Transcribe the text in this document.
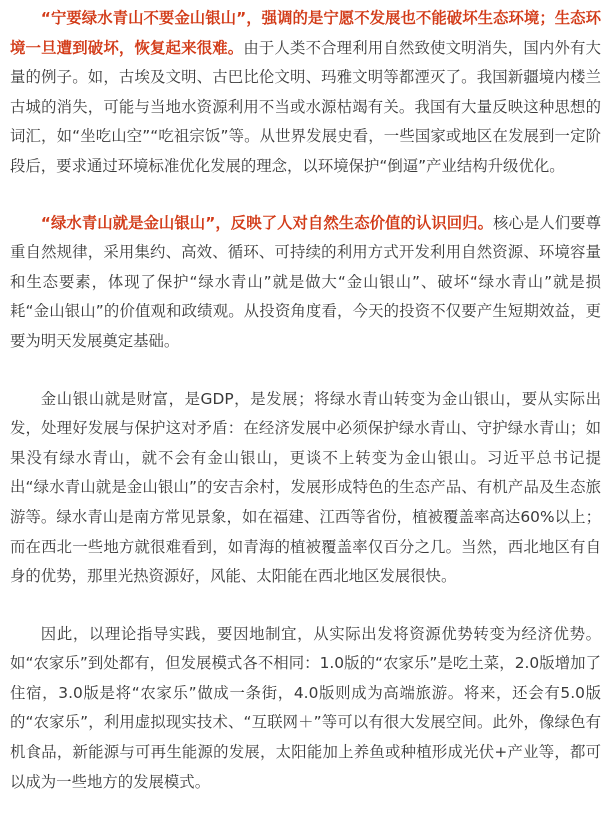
“宁要绿水青山不要金山银山”，强调的是宁愿不发展也不能破坏生态环境；生态环境一旦遭到破坏，恢复起来很难。由于人类不合理利用自然致使文明消失，国内外有大量的例子。如，古埃及文明、古巴比伦文明、玛雅文明等都湮灭了。我国新疆境内楼兰古城的消失，可能与当地水资源利用不当或水源枯竭有关。我国有大量反映这种思想的词汇，如“坐吃山空”“吃祖宗饭”等。从世界发展史看，一些国家或地区在发展到一定阶段后，要求通过环境标准优化发展的理念，以环境保护“倒逼”产业结构升级优化。

“绿水青山就是金山银山”，反映了人对自然生态价值的认识回归。核心是人们要尊重自然规律，采用集约、高效、循环、可持续的利用方式开发利用自然资源、环境容量和生态要素，体现了保护“绿水青山”就是做大“金山银山”、破坏“绿水青山”就是损耗“金山银山”的价值观和政绩观。从投资角度看，今天的投资不仅要产生短期效益，更要为明天发展奠定基础。

金山银山就是财富，是GDP，是发展；将绿水青山转变为金山银山，要从实际出发，处理好发展与保护这对矛盾：在经济发展中必须保护绿水青山、守护绿水青山；如果没有绿水青山，就不会有金山银山，更谈不上转变为金山银山。习近平总书记提出“绿水青山就是金山银山”的安吉余村，发展形成特色的生态产品、有机产品及生态旅游等。绿水青山是南方常见景象，如在福建、江西等省份，植被覆盖率高达60%以上；而在西北一些地方就很难看到，如青海的植被覆盖率仅百分之几。当然，西北地区有自身的优势，那里光热资源好，风能、太阳能在西北地区发展很快。

因此，以理论指导实践，要因地制宜，从实际出发将资源优势转变为经济优势。如“农家乐”到处都有，但发展模式各不相同：1.0版的“农家乐”是吃土菜，2.0版增加了住宿，3.0版是将“农家乐”做成一条街，4.0版则成为高端旅游。将来，还会有5.0版的“农家乐”，利用虚拟现实技术、“互联网＋”等可以有很大发展空间。此外，像绿色有机食品，新能源与可再生能源的发展，太阳能加上养鱼或种植形成光伏+产业等，都可以成为一些地方的发展模式。
